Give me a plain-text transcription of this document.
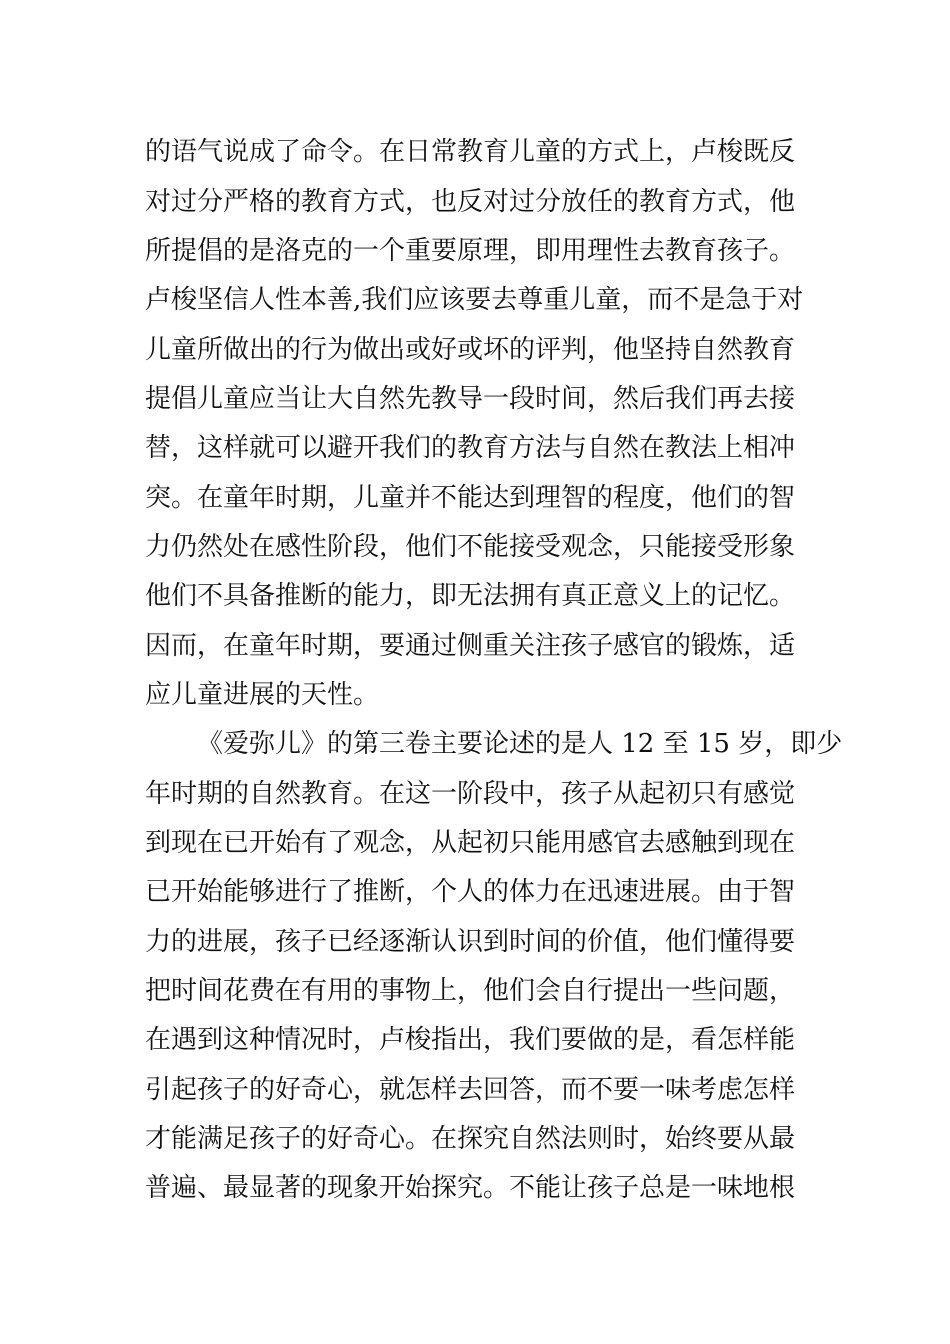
的语气说成了命令。在日常教育儿童的方式上，卢梭既反
对过分严格的教育方式，也反对过分放任的教育方式，他
所提倡的是洛克的一个重要原理，即用理性去教育孩子。
卢梭坚信人性本善,我们应该要去尊重儿童，而不是急于对
儿童所做出的行为做出或好或坏的评判，他坚持自然教育
提倡儿童应当让大自然先教导一段时间，然后我们再去接
替，这样就可以避开我们的教育方法与自然在教法上相冲
突。在童年时期，儿童并不能达到理智的程度，他们的智
力仍然处在感性阶段，他们不能接受观念，只能接受形象
他们不具备推断的能力，即无法拥有真正意义上的记忆。
因而，在童年时期，要通过侧重关注孩子感官的锻炼，适
应儿童进展的天性。
《爱弥儿》的第三卷主要论述的是人 12 至 15 岁，即少
年时期的自然教育。在这一阶段中，孩子从起初只有感觉
到现在已开始有了观念，从起初只能用感官去感触到现在
已开始能够进行了推断，个人的体力在迅速进展。由于智
力的进展，孩子已经逐渐认识到时间的价值，他们懂得要
把时间花费在有用的事物上，他们会自行提出一些问题，
在遇到这种情况时，卢梭指出，我们要做的是，看怎样能
引起孩子的好奇心，就怎样去回答，而不要一味考虑怎样
才能满足孩子的好奇心。在探究自然法则时，始终要从最
普遍、最显著的现象开始探究。不能让孩子总是一味地根
